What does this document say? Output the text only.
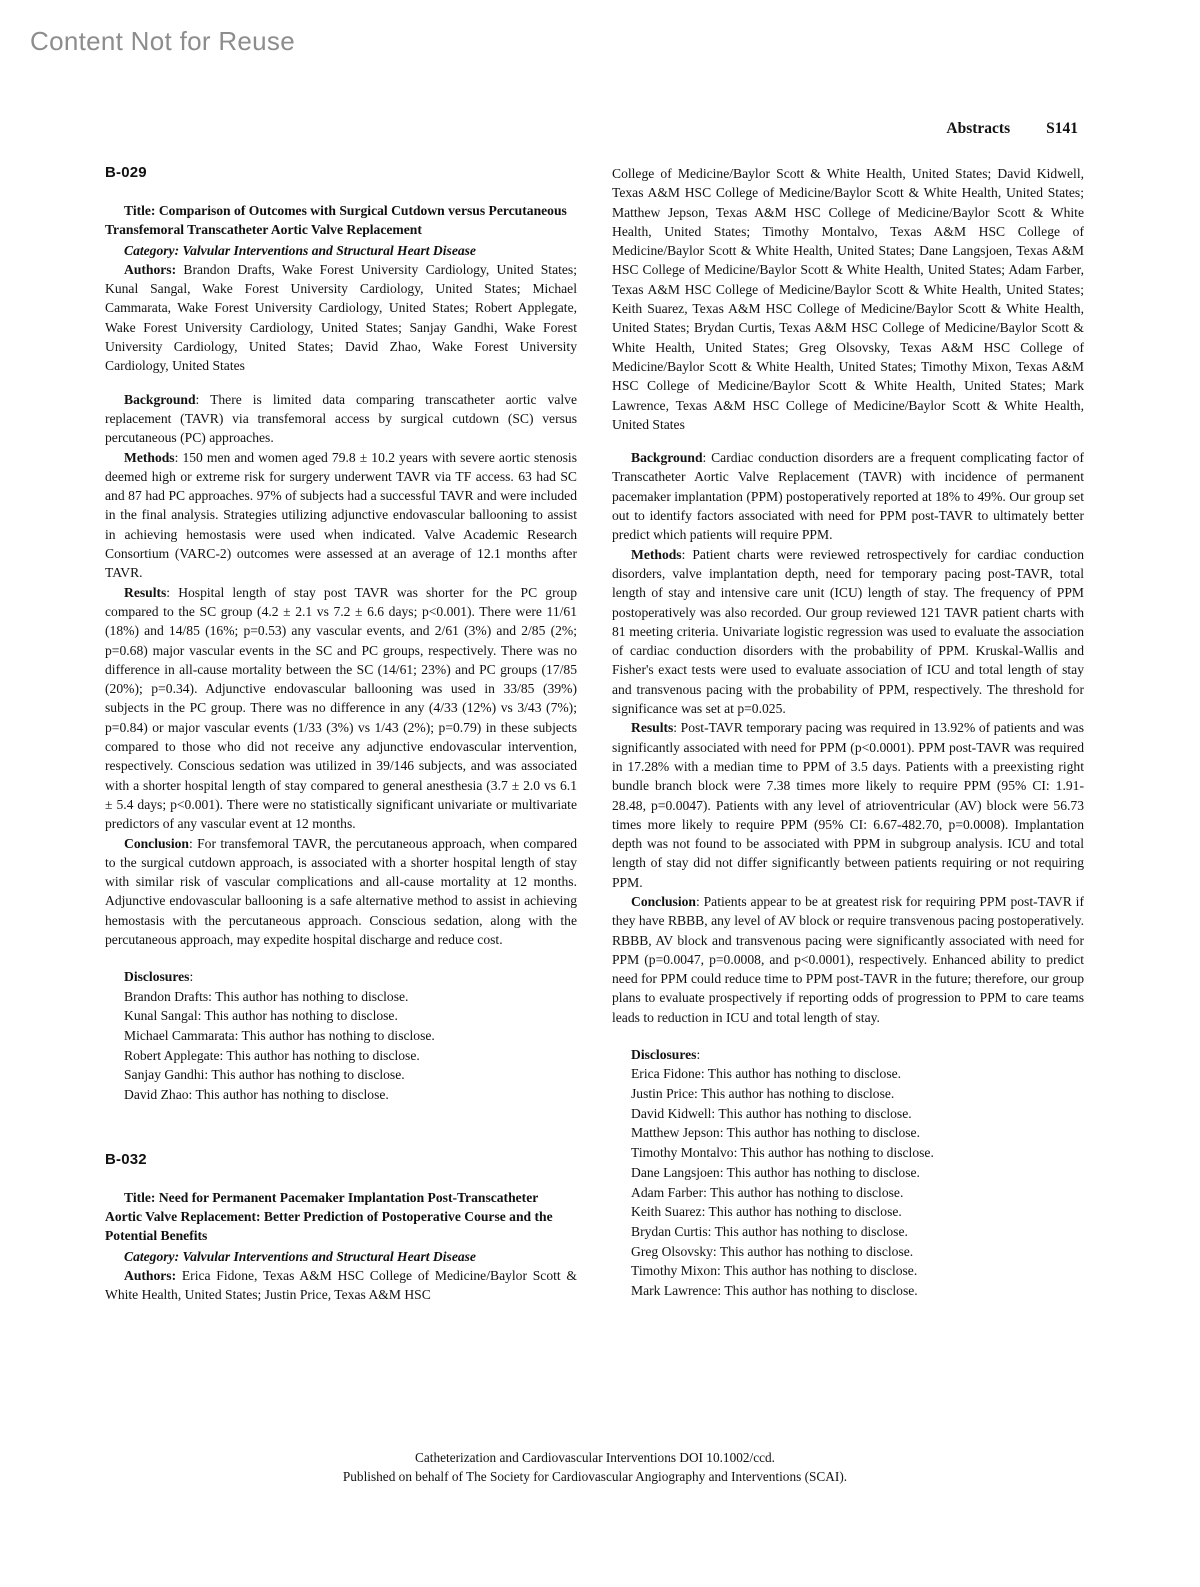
Content Not for Reuse
Abstracts S141
B-029

Title: Comparison of Outcomes with Surgical Cutdown versus Percutaneous Transfemoral Transcatheter Aortic Valve Replacement

Category: Valvular Interventions and Structural Heart Disease

Authors: Brandon Drafts, Wake Forest University Cardiology, United States; Kunal Sangal, Wake Forest University Cardiology, United States; Michael Cammarata, Wake Forest University Cardiology, United States; Robert Applegate, Wake Forest University Cardiology, United States; Sanjay Gandhi, Wake Forest University Cardiology, United States; David Zhao, Wake Forest University Cardiology, United States

Background: There is limited data comparing transcatheter aortic valve replacement (TAVR) via transfemoral access by surgical cutdown (SC) versus percutaneous (PC) approaches.

Methods: 150 men and women aged 79.8 ± 10.2 years with severe aortic stenosis deemed high or extreme risk for surgery underwent TAVR via TF access. 63 had SC and 87 had PC approaches. 97% of subjects had a successful TAVR and were included in the final analysis. Strategies utilizing adjunctive endovascular ballooning to assist in achieving hemostasis were used when indicated. Valve Academic Research Consortium (VARC-2) outcomes were assessed at an average of 12.1 months after TAVR.

Results: Hospital length of stay post TAVR was shorter for the PC group compared to the SC group (4.2 ± 2.1 vs 7.2 ± 6.6 days; p<0.001). There were 11/61 (18%) and 14/85 (16%; p=0.53) any vascular events, and 2/61 (3%) and 2/85 (2%; p=0.68) major vascular events in the SC and PC groups, respectively. There was no difference in all-cause mortality between the SC (14/61; 23%) and PC groups (17/85 (20%); p=0.34). Adjunctive endovascular ballooning was used in 33/85 (39%) subjects in the PC group. There was no difference in any (4/33 (12%) vs 3/43 (7%); p=0.84) or major vascular events (1/33 (3%) vs 1/43 (2%); p=0.79) in these subjects compared to those who did not receive any adjunctive endovascular intervention, respectively. Conscious sedation was utilized in 39/146 subjects, and was associated with a shorter hospital length of stay compared to general anesthesia (3.7 ± 2.0 vs 6.1 ± 5.4 days; p<0.001). There were no statistically significant univariate or multivariate predictors of any vascular event at 12 months.

Conclusion: For transfemoral TAVR, the percutaneous approach, when compared to the surgical cutdown approach, is associated with a shorter hospital length of stay with similar risk of vascular complications and all-cause mortality at 12 months. Adjunctive endovascular ballooning is a safe alternative method to assist in achieving hemostasis with the percutaneous approach. Conscious sedation, along with the percutaneous approach, may expedite hospital discharge and reduce cost.

Disclosures:

Brandon Drafts: This author has nothing to disclose.

Kunal Sangal: This author has nothing to disclose.

Michael Cammarata: This author has nothing to disclose.

Robert Applegate: This author has nothing to disclose.

Sanjay Gandhi: This author has nothing to disclose.

David Zhao: This author has nothing to disclose.

B-032

Title: Need for Permanent Pacemaker Implantation Post-Transcatheter Aortic Valve Replacement: Better Prediction of Postoperative Course and the Potential Benefits

Category: Valvular Interventions and Structural Heart Disease

Authors: Erica Fidone, Texas A&M HSC College of Medicine/Baylor Scott & White Health, United States; Justin Price, Texas A&M HSC

College of Medicine/Baylor Scott & White Health, United States; David Kidwell, Texas A&M HSC College of Medicine/Baylor Scott & White Health, United States; Matthew Jepson, Texas A&M HSC College of Medicine/Baylor Scott & White Health, United States; Timothy Montalvo, Texas A&M HSC College of Medicine/Baylor Scott & White Health, United States; Dane Langsjoen, Texas A&M HSC College of Medicine/Baylor Scott & White Health, United States; Adam Farber, Texas A&M HSC College of Medicine/Baylor Scott & White Health, United States; Keith Suarez, Texas A&M HSC College of Medicine/Baylor Scott & White Health, United States; Brydan Curtis, Texas A&M HSC College of Medicine/Baylor Scott & White Health, United States; Greg Olsovsky, Texas A&M HSC College of Medicine/Baylor Scott & White Health, United States; Timothy Mixon, Texas A&M HSC College of Medicine/Baylor Scott & White Health, United States; Mark Lawrence, Texas A&M HSC College of Medicine/Baylor Scott & White Health, United States

Background: Cardiac conduction disorders are a frequent complicating factor of Transcatheter Aortic Valve Replacement (TAVR) with incidence of permanent pacemaker implantation (PPM) postoperatively reported at 18% to 49%. Our group set out to identify factors associated with need for PPM post-TAVR to ultimately better predict which patients will require PPM.

Methods: Patient charts were reviewed retrospectively for cardiac conduction disorders, valve implantation depth, need for temporary pacing post-TAVR, total length of stay and intensive care unit (ICU) length of stay. The frequency of PPM postoperatively was also recorded. Our group reviewed 121 TAVR patient charts with 81 meeting criteria. Univariate logistic regression was used to evaluate the association of cardiac conduction disorders with the probability of PPM. Kruskal-Wallis and Fisher's exact tests were used to evaluate association of ICU and total length of stay and transvenous pacing with the probability of PPM, respectively. The threshold for significance was set at p=0.025.

Results: Post-TAVR temporary pacing was required in 13.92% of patients and was significantly associated with need for PPM (p<0.0001). PPM post-TAVR was required in 17.28% with a median time to PPM of 3.5 days. Patients with a preexisting right bundle branch block were 7.38 times more likely to require PPM (95% CI: 1.91-28.48, p=0.0047). Patients with any level of atrioventricular (AV) block were 56.73 times more likely to require PPM (95% CI: 6.67-482.70, p=0.0008). Implantation depth was not found to be associated with PPM in subgroup analysis. ICU and total length of stay did not differ significantly between patients requiring or not requiring PPM.

Conclusion: Patients appear to be at greatest risk for requiring PPM post-TAVR if they have RBBB, any level of AV block or require transvenous pacing postoperatively. RBBB, AV block and transvenous pacing were significantly associated with need for PPM (p=0.0047, p=0.0008, and p<0.0001), respectively. Enhanced ability to predict need for PPM could reduce time to PPM post-TAVR in the future; therefore, our group plans to evaluate prospectively if reporting odds of progression to PPM to care teams leads to reduction in ICU and total length of stay.

Disclosures:

Erica Fidone: This author has nothing to disclose.

Justin Price: This author has nothing to disclose.

David Kidwell: This author has nothing to disclose.

Matthew Jepson: This author has nothing to disclose.

Timothy Montalvo: This author has nothing to disclose.

Dane Langsjoen: This author has nothing to disclose.

Adam Farber: This author has nothing to disclose.

Keith Suarez: This author has nothing to disclose.

Brydan Curtis: This author has nothing to disclose.

Greg Olsovsky: This author has nothing to disclose.

Timothy Mixon: This author has nothing to disclose.

Mark Lawrence: This author has nothing to disclose.

Catheterization and Cardiovascular Interventions DOI 10.1002/ccd.
Published on behalf of The Society for Cardiovascular Angiography and Interventions (SCAI).
